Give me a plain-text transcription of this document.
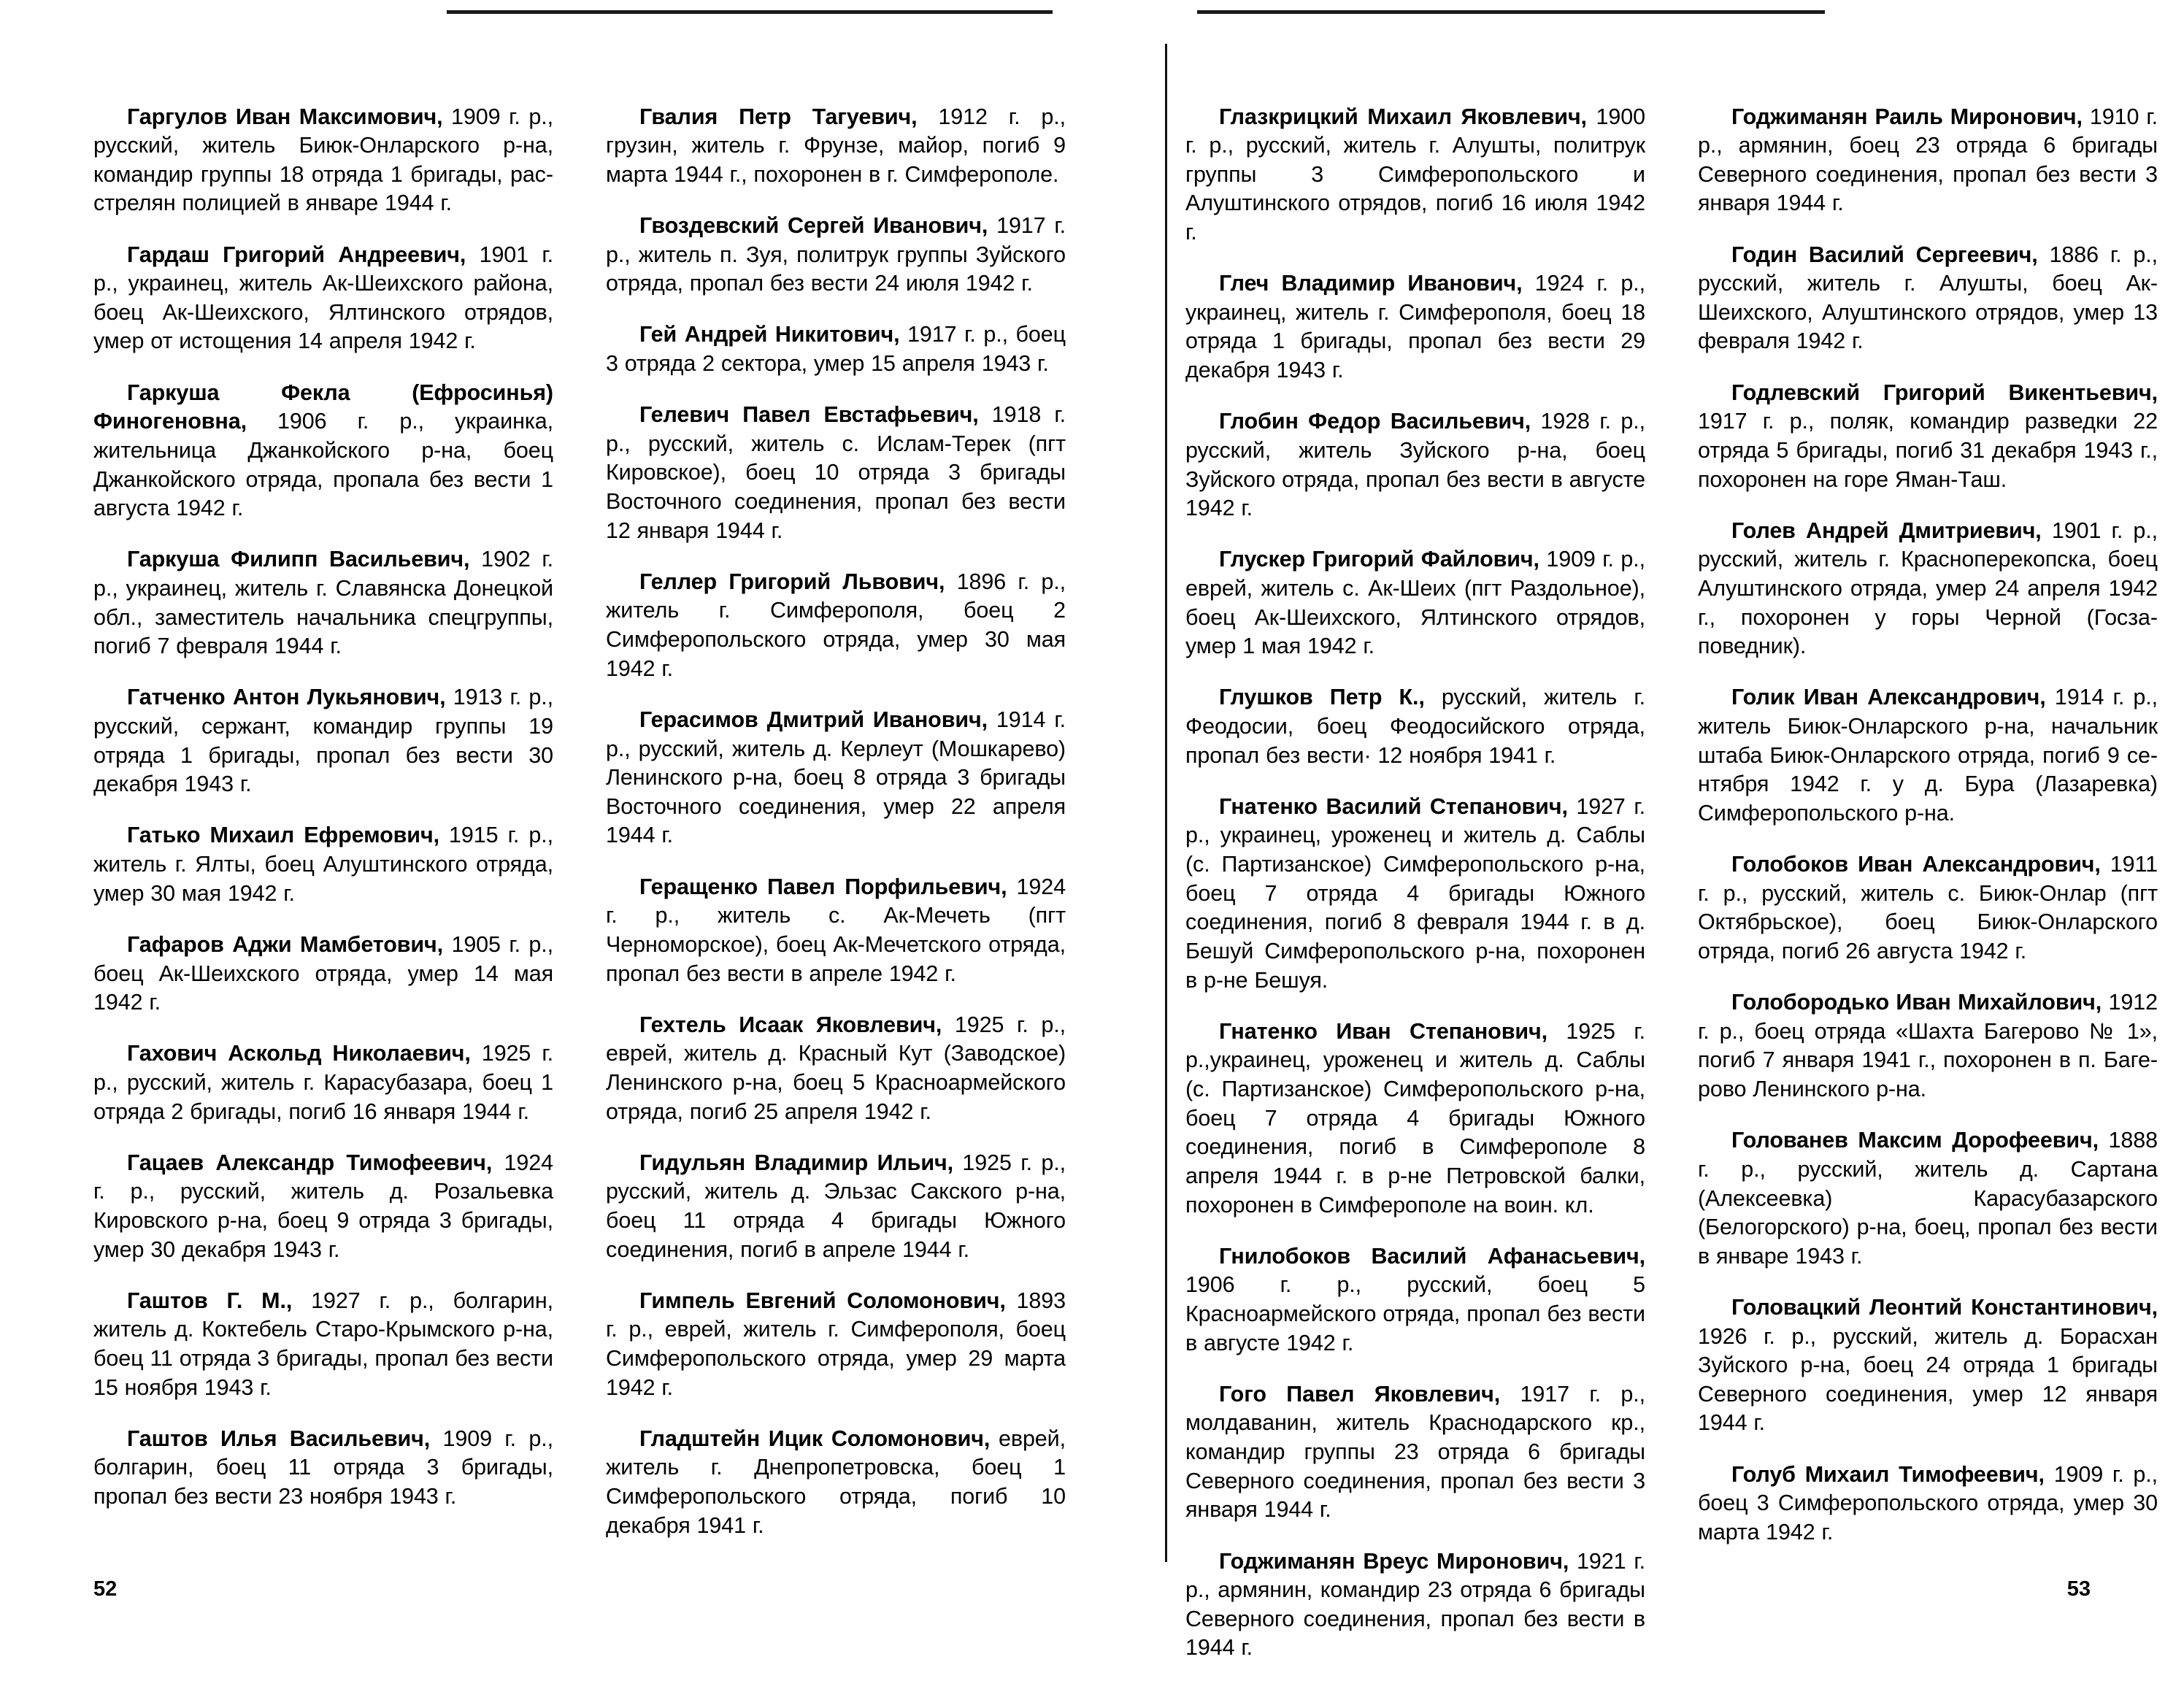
Гаргулов Иван Максимович, 1909 г. р., русский, житель Биюк-Онларского р-на, командир группы 18 отряда 1 бригады, расстрелян полицией в январе 1944 г.

Гардаш Григорий Андреевич, 1901 г. р., украинец, житель Ак-Шеихского района, боец Ак-Шеихского, Ялтинского отрядов, умер от истощения 14 апреля 1942 г.

Гаркуша Фекла (Ефросинья) Финогеновна, 1906 г. р., украинка, жительница Джанкойского р-на, боец Джанкойского отряда, пропала без вести 1 августа 1942 г.

Гаркуша Филипп Васильевич, 1902 г. р., украинец, житель г. Славянска Донецкой обл., заместитель начальника спецгруппы, погиб 7 февраля 1944 г.

Гатченко Антон Лукьянович, 1913 г. р., русский, сержант, командир группы 19 отряда 1 бригады, пропал без вести 30 декабря 1943 г.

Гатько Михаил Ефремович, 1915 г. р., житель г. Ялты, боец Алуштинского отряда, умер 30 мая 1942 г.

Гафаров Аджи Мамбетович, 1905 г. р., боец Ак-Шеихского отряда, умер 14 мая 1942 г.

Гахович Аскольд Николаевич, 1925 г. р., русский, житель г. Карасубазара, боец 1 отряда 2 бригады, погиб 16 января 1944 г.

Гацаев Александр Тимофеевич, 1924 г. р., русский, житель д. Розальевка Кировского р-на, боец 9 отряда 3 бригады, умер 30 декабря 1943 г.

Гаштов Г. М., 1927 г. р., болгарин, житель д. Коктебель Старо-Крымского р-на, боец 11 отряда 3 бригады, пропал без вести 15 ноября 1943 г.

Гаштов Илья Васильевич, 1909 г. р., болгарин, боец 11 отряда 3 бригады, пропал без вести 23 ноября 1943 г.

Гвалия Петр Тагуевич, 1912 г. р., грузин, житель г. Фрунзе, майор, погиб 9 марта 1944 г., похоронен в г. Симферополе.

Гвоздевский Сергей Иванович, 1917 г. р., житель п. Зуя, политрук группы Зуйского отряда, пропал без вести 24 июля 1942 г.

Гей Андрей Никитович, 1917 г. р., боец 3 отряда 2 сектора, умер 15 апреля 1943 г.

Гелевич Павел Евстафьевич, 1918 г. р., русский, житель с. Ислам-Терек (пгт Кировское), боец 10 отряда 3 бригады Восточного соединения, пропал без вести 12 января 1944 г.

Геллер Григорий Львович, 1896 г. р., житель г. Симферополя, боец 2 Симферопольского отряда, умер 30 мая 1942 г.

Герасимов Дмитрий Иванович, 1914 г. р., русский, житель д. Керлеут (Мошкарево) Ленинского р-на, боец 8 отряда 3 бригады Восточного соединения, умер 22 апреля 1944 г.

Геращенко Павел Порфильевич, 1924 г. р., житель с. Ак-Мечеть (пгт Черноморское), боец Ак-Мечетского отряда, пропал без вести в апреле 1942 г.

Гехтель Исаак Яковлевич, 1925 г. р., еврей, житель д. Красный Кут (Заводское) Ленинского р-на, боец 5 Красноармейского отряда, погиб 25 апреля 1942 г.

Гидульян Владимир Ильич, 1925 г. р., русский, житель д. Эльзас Сакского р-на, боец 11 отряда 4 бригады Южного соединения, погиб в апреле 1944 г.

Гимпель Евгений Соломонович, 1893 г. р., еврей, житель г. Симферополя, боец Симферопольского отряда, умер 29 марта 1942 г.

Гладштейн Ицик Соломонович, еврей, житель г. Днепропетровска, боец 1 Симферопольского отряда, погиб 10 декабря 1941 г.

52

Глазкрицкий Михаил Яковлевич, 1900 г. р., русский, житель г. Алушты, политрук группы 3 Симферопольского и Алуштинского отрядов, погиб 16 июля 1942 г.

Глеч Владимир Иванович, 1924 г. р., украинец, житель г. Симферополя, боец 18 отряда 1 бригады, пропал без вести 29 декабря 1943 г.

Глобин Федор Васильевич, 1928 г. р., русский, житель Зуйского р-на, боец Зуйского отряда, пропал без вести в августе 1942 г.

Глускер Григорий Файлович, 1909 г. р., еврей, житель с. Ак-Шеих (пгт Раздольное), боец Ак-Шеихского, Ялтинского отрядов, умер 1 мая 1942 г.

Глушков Петр К., русский, житель г. Феодосии, боец Феодосийского отряда, пропал без вести· 12 ноября 1941 г.

Гнатенко Василий Степанович, 1927 г. р., украинец, уроженец и житель д. Саблы (с. Партизанское) Симферопольского р-на, боец 7 отряда 4 бригады Южного соединения, погиб 8 февраля 1944 г. в д. Бешуй Симферопольского р-на, похоронен в р-не Бешуя.

Гнатенко Иван Степанович, 1925 г. р.,украинец, уроженец и житель д. Саблы (с. Партизанское) Симферопольского р-на, боец 7 отряда 4 бригады Южного соединения, погиб в Симферополе 8 апреля 1944 г. в р-не Петровской балки, похоронен в Симферополе на воин. кл.

Гнилобоков Василий Афанасьевич, 1906 г. р., русский, боец 5 Красноармейского отряда, пропал без вести в августе 1942 г.

Гого Павел Яковлевич, 1917 г. р., молдаванин, житель Краснодарского кр., командир группы 23 отряда 6 бригады Северного соединения, пропал без вести 3 января 1944 г.

Годжиманян Вреус Миронович, 1921 г. р., армянин, командир 23 отряда 6 бригады Северного соединения, пропал без вести в 1944 г.

Годжиманян Раиль Миронович, 1910 г. р., армянин, боец 23 отряда 6 бригады Северного соединения, пропал без вести 3 января 1944 г.

Годин Василий Сергеевич, 1886 г. р., русский, житель г. Алушты, боец Ак-Шеихского, Алуштинского отрядов, умер 13 февраля 1942 г.

Годлевский Григорий Викентьевич, 1917 г. р., поляк, командир разведки 22 отряда 5 бригады, погиб 31 декабря 1943 г., похоронен на горе Яман-Таш.

Голев Андрей Дмитриевич, 1901 г. р., русский, житель г. Красноперекопска, боец Алуштинского отряда, умер 24 апреля 1942 г., похоронен у горы Черной (Госзаповедник).

Голик Иван Александрович, 1914 г. р., житель Биюк-Онларского р-на, начальник штаба Биюк-Онларского отряда, погиб 9 сентября 1942 г. у д. Бура (Лазаревка) Симферопольского р-на.

Голобоков Иван Александрович, 1911 г. р., русский, житель с. Биюк-Онлар (пгт Октябрьское), боец Биюк-Онларского отряда, погиб 26 августа 1942 г.

Голобородько Иван Михайлович, 1912 г. р., боец отряда «Шахта Багерово № 1», погиб 7 января 1941 г., похоронен в п. Багерово Ленинского р-на.

Голованев Максим Дорофеевич, 1888 г. р., русский, житель д. Сартана (Алексеевка) Карасубазарского (Белогорского) р-на, боец, пропал без вести в январе 1943 г.

Головацкий Леонтий Константинович, 1926 г. р., русский, житель д. Борасхан Зуйского р-на, боец 24 отряда 1 бригады Северного соединения, умер 12 января 1944 г.

Голуб Михаил Тимофеевич, 1909 г. р., боец 3 Симферопольского отряда, умер 30 марта 1942 г.

53
